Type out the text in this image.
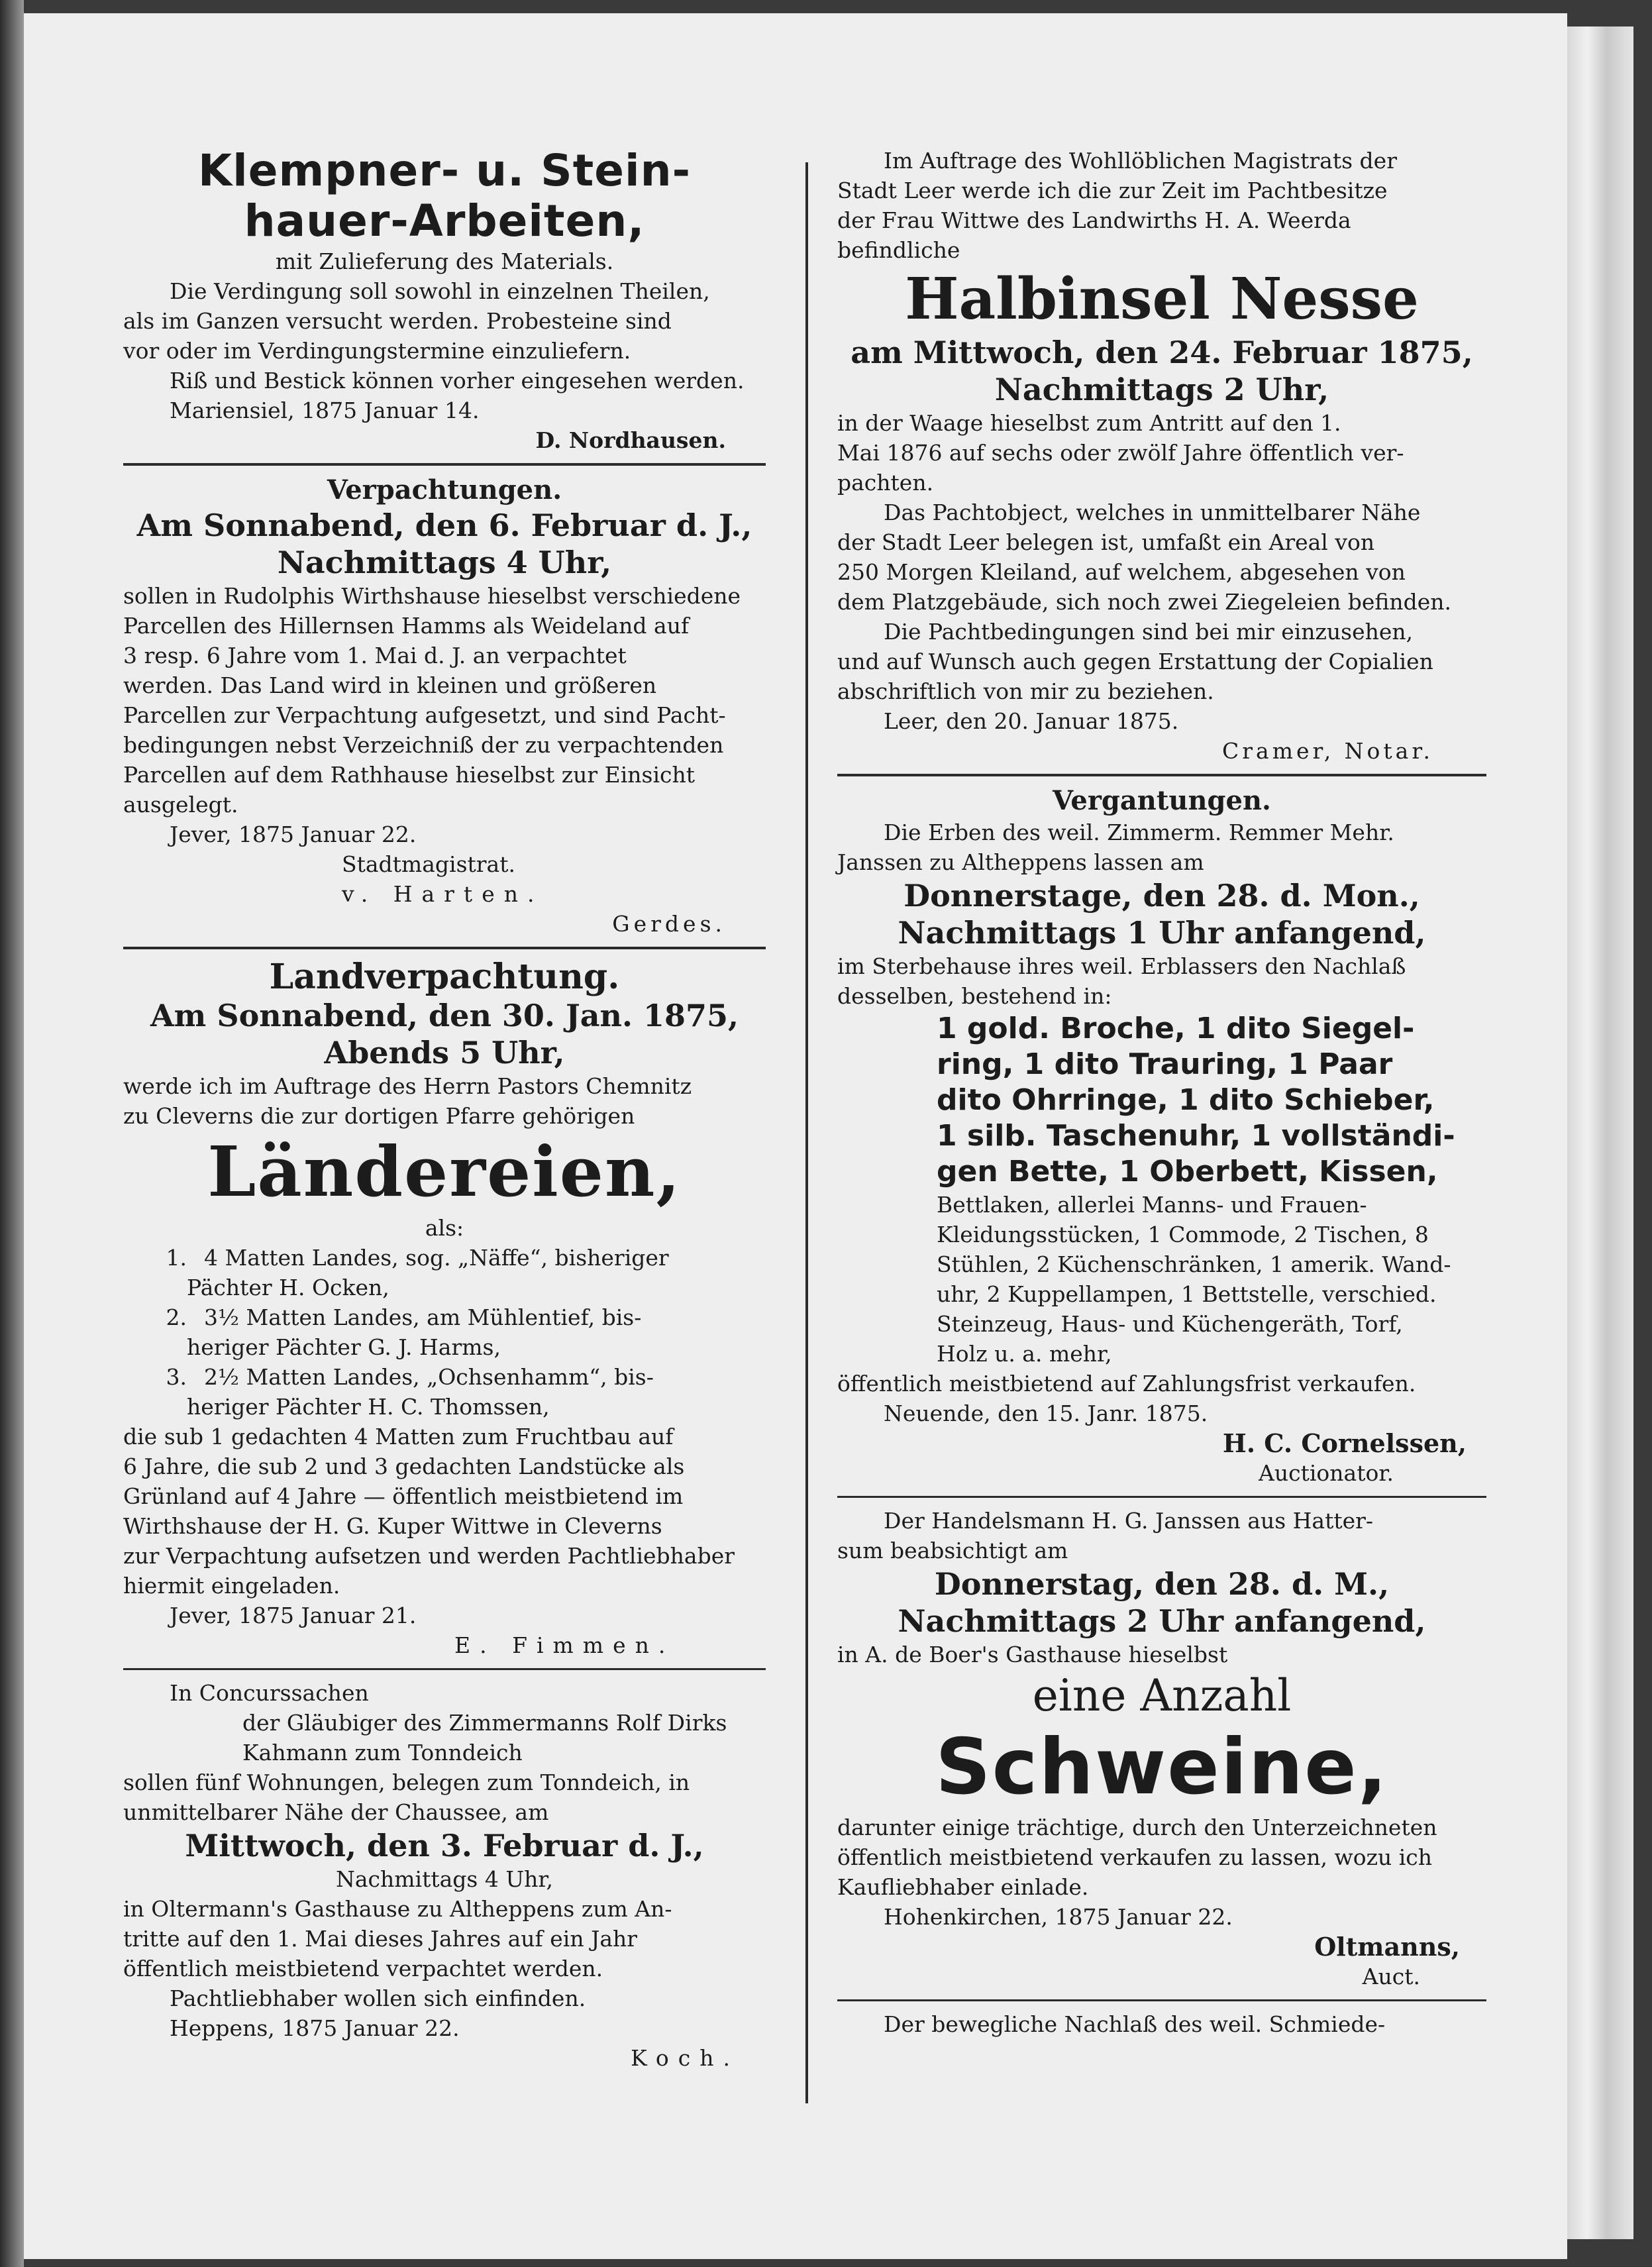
Klempner- u. Stein-
hauer-Arbeiten,
mit Zulieferung des Materials.
Die Verdingung soll sowohl in einzelnen Theilen,
als im Ganzen versucht werden. Probesteine sind
vor oder im Verdingungstermine einzuliefern.
Riß und Bestick können vorher eingesehen werden.
Mariensiel, 1875 Januar 14.
D. Nordhausen.
Verpachtungen.
Am Sonnabend, den 6. Februar d. J.,
Nachmittags 4 Uhr,
sollen in Rudolphis Wirthshause hieselbst verschiedene
Parcellen des Hillernsen Hamms als Weideland auf
3 resp. 6 Jahre vom 1. Mai d. J. an verpachtet
werden. Das Land wird in kleinen und größeren
Parcellen zur Verpachtung aufgesetzt, und sind Pacht-
bedingungen nebst Verzeichniß der zu verpachtenden
Parcellen auf dem Rathhause hieselbst zur Einsicht
ausgelegt.
Jever, 1875 Januar 22.
Stadtmagistrat.
v. Harten.
Gerdes.
Landverpachtung.
Am Sonnabend, den 30. Jan. 1875,
Abends 5 Uhr,
werde ich im Auftrage des Herrn Pastors Chemnitz
zu Cleverns die zur dortigen Pfarre gehörigen
Ländereien,
als:
1. 4 Matten Landes, sog. „Näffe“, bisheriger
Pächter H. Ocken,
2. 3½ Matten Landes, am Mühlentief, bis-
heriger Pächter G. J. Harms,
3. 2½ Matten Landes, „Ochsenhamm“, bis-
heriger Pächter H. C. Thomssen,
die sub 1 gedachten 4 Matten zum Fruchtbau auf
6 Jahre, die sub 2 und 3 gedachten Landstücke als
Grünland auf 4 Jahre — öffentlich meistbietend im
Wirthshause der H. G. Kuper Wittwe in Cleverns
zur Verpachtung aufsetzen und werden Pachtliebhaber
hiermit eingeladen.
Jever, 1875 Januar 21.
E. Fimmen.
In Concurssachen
der Gläubiger des Zimmermanns Rolf Dirks
Kahmann zum Tonndeich
sollen fünf Wohnungen, belegen zum Tonndeich, in
unmittelbarer Nähe der Chaussee, am
Mittwoch, den 3. Februar d. J.,
Nachmittags 4 Uhr,
in Oltermann's Gasthause zu Altheppens zum An-
tritte auf den 1. Mai dieses Jahres auf ein Jahr
öffentlich meistbietend verpachtet werden.
Pachtliebhaber wollen sich einfinden.
Heppens, 1875 Januar 22.
Koch.
Im Auftrage des Wohllöblichen Magistrats der
Stadt Leer werde ich die zur Zeit im Pachtbesitze
der Frau Wittwe des Landwirths H. A. Weerda
befindliche
Halbinsel Nesse
am Mittwoch, den 24. Februar 1875,
Nachmittags 2 Uhr,
in der Waage hieselbst zum Antritt auf den 1.
Mai 1876 auf sechs oder zwölf Jahre öffentlich ver-
pachten.
Das Pachtobject, welches in unmittelbarer Nähe
der Stadt Leer belegen ist, umfaßt ein Areal von
250 Morgen Kleiland, auf welchem, abgesehen von
dem Platzgebäude, sich noch zwei Ziegeleien befinden.
Die Pachtbedingungen sind bei mir einzusehen,
und auf Wunsch auch gegen Erstattung der Copialien
abschriftlich von mir zu beziehen.
Leer, den 20. Januar 1875.
Cramer, Notar.
Vergantungen.
Die Erben des weil. Zimmerm. Remmer Mehr.
Janssen zu Altheppens lassen am
Donnerstage, den 28. d. Mon.,
Nachmittags 1 Uhr anfangend,
im Sterbehause ihres weil. Erblassers den Nachlaß
desselben, bestehend in:
1 gold. Broche, 1 dito Siegel-
ring, 1 dito Trauring, 1 Paar
dito Ohrringe, 1 dito Schieber,
1 silb. Taschenuhr, 1 vollständi-
gen Bette, 1 Oberbett, Kissen,
Bettlaken, allerlei Manns- und Frauen-
Kleidungsstücken, 1 Commode, 2 Tischen, 8
Stühlen, 2 Küchenschränken, 1 amerik. Wand-
uhr, 2 Kuppellampen, 1 Bettstelle, verschied.
Steinzeug, Haus- und Küchengeräth, Torf,
Holz u. a. mehr,
öffentlich meistbietend auf Zahlungsfrist verkaufen.
Neuende, den 15. Janr. 1875.
H. C. Cornelssen,
Auctionator.
Der Handelsmann H. G. Janssen aus Hatter-
sum beabsichtigt am
Donnerstag, den 28. d. M.,
Nachmittags 2 Uhr anfangend,
in A. de Boer's Gasthause hieselbst
eine Anzahl
Schweine,
darunter einige trächtige, durch den Unterzeichneten
öffentlich meistbietend verkaufen zu lassen, wozu ich
Kaufliebhaber einlade.
Hohenkirchen, 1875 Januar 22.
Oltmanns,
Auct.
Der bewegliche Nachlaß des weil. Schmiede-
